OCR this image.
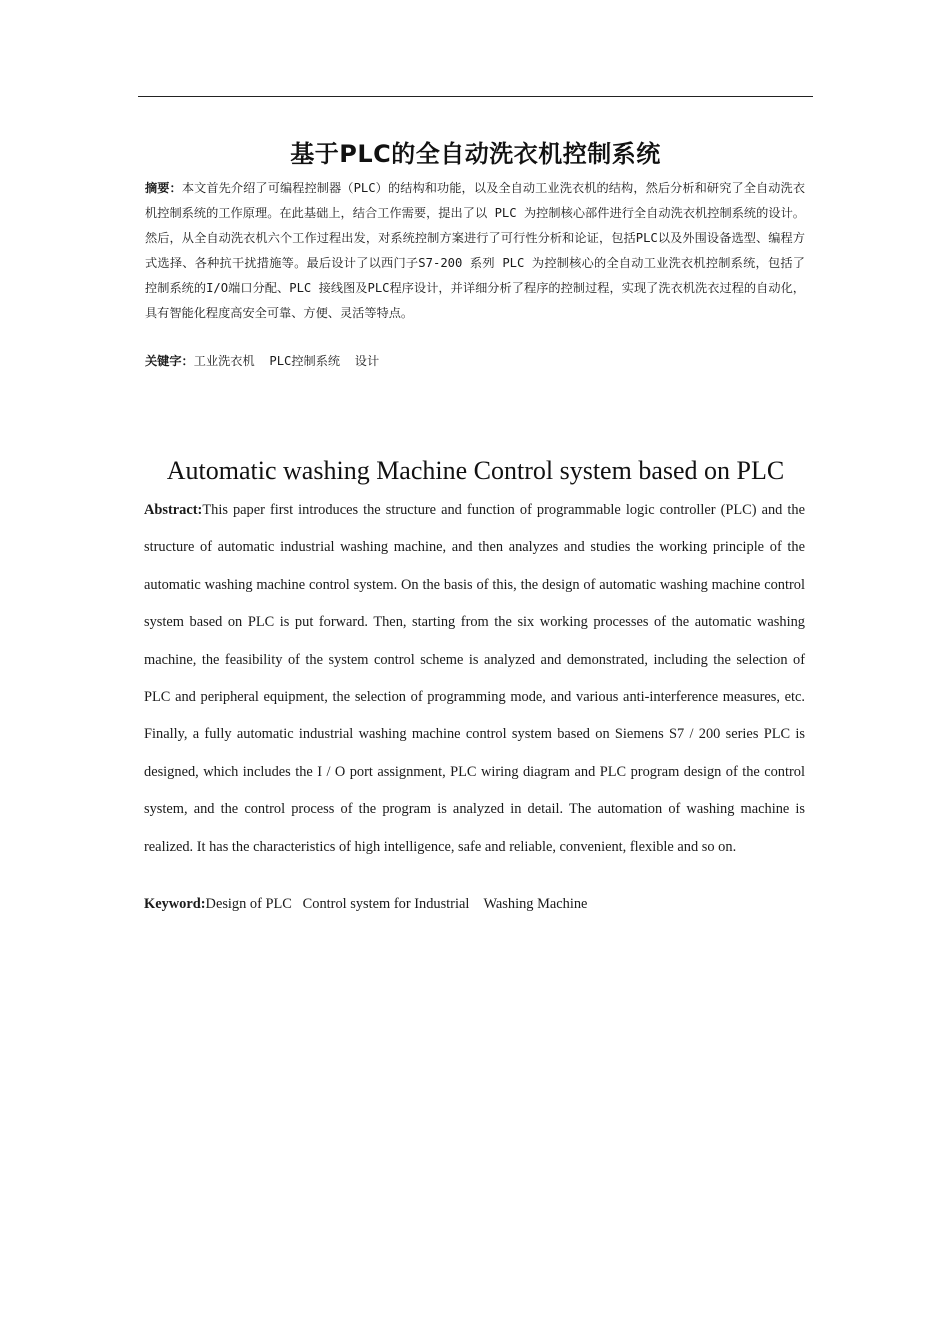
基于PLC的全自动洗衣机控制系统
摘要：本文首先介绍了可编程控制器（PLC）的结构和功能，以及全自动工业洗衣机的结构，然后分析和研究了全自动洗衣机控制系统的工作原理。在此基础上，结合工作需要，提出了以 PLC 为控制核心部件进行全自动洗衣机控制系统的设计。然后，从全自动洗衣机六个工作过程出发，对系统控制方案进行了可行性分析和论证，包括PLC以及外围设备选型、编程方式选择、各种抗干扰措施等。最后设计了以西门子S7-200 系列 PLC 为控制核心的全自动工业洗衣机控制系统，包括了控制系统的I/O端口分配、PLC 接线图及PLC程序设计，并详细分析了程序的控制过程，实现了洗衣机洗衣过程的自动化，具有智能化程度高安全可靠、方便、灵活等特点。
关键字：工业洗衣机  PLC控制系统  设计
Automatic washing Machine Control system based on PLC
Abstract:This paper first introduces the structure and function of programmable logic controller (PLC) and the structure of automatic industrial washing machine, and then analyzes and studies the working principle of the automatic washing machine control system. On the basis of this, the design of automatic washing machine control system based on PLC is put forward. Then, starting from the six working processes of the automatic washing machine, the feasibility of the system control scheme is analyzed and demonstrated, including the selection of PLC and peripheral equipment, the selection of programming mode, and various anti-interference measures, etc. Finally, a fully automatic industrial washing machine control system based on Siemens S7 / 200 series PLC is designed, which includes the I / O port assignment, PLC wiring diagram and PLC program design of the control system, and the control process of the program is analyzed in detail. The automation of washing machine is realized. It has the characteristics of high intelligence, safe and reliable, convenient, flexible and so on.
Keyword:Design of PLC   Control system for Industrial    Washing Machine
